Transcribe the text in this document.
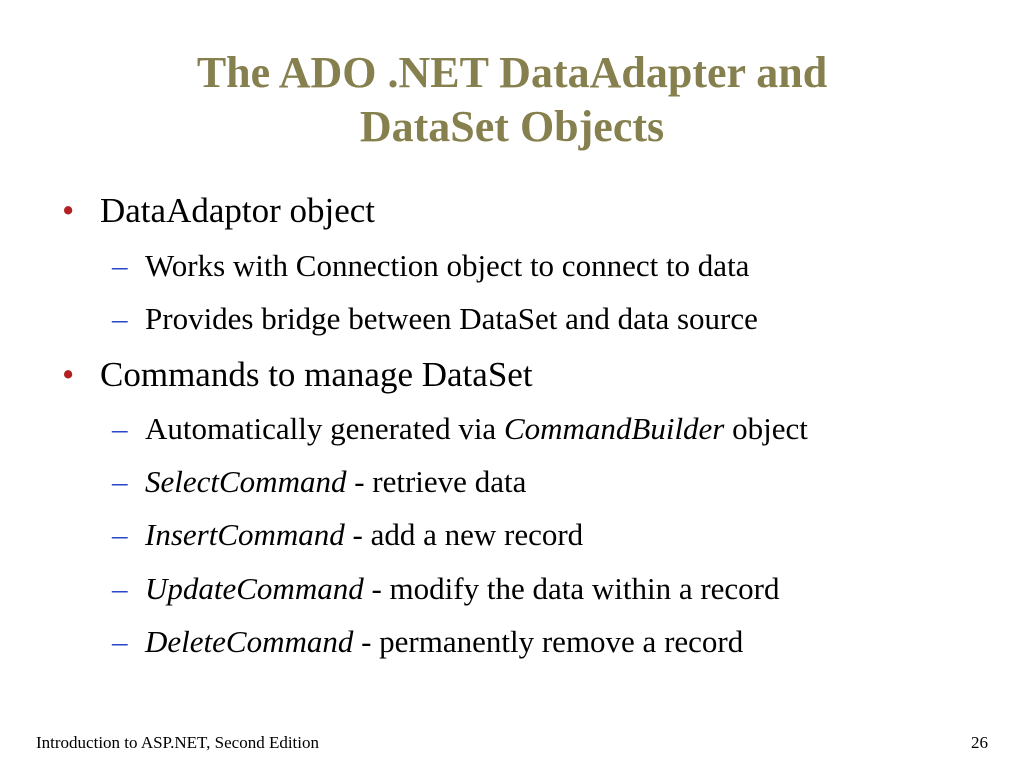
The ADO .NET DataAdapter and
DataSet Objects
• DataAdaptor object
– Works with Connection object to connect to data
– Provides bridge between DataSet and data source
• Commands to manage DataSet
– Automatically generated via CommandBuilder object
– SelectCommand - retrieve data
– InsertCommand - add a new record
– UpdateCommand - modify the data within a record
– DeleteCommand - permanently remove a record
Introduction to ASP.NET, Second Edition	26
